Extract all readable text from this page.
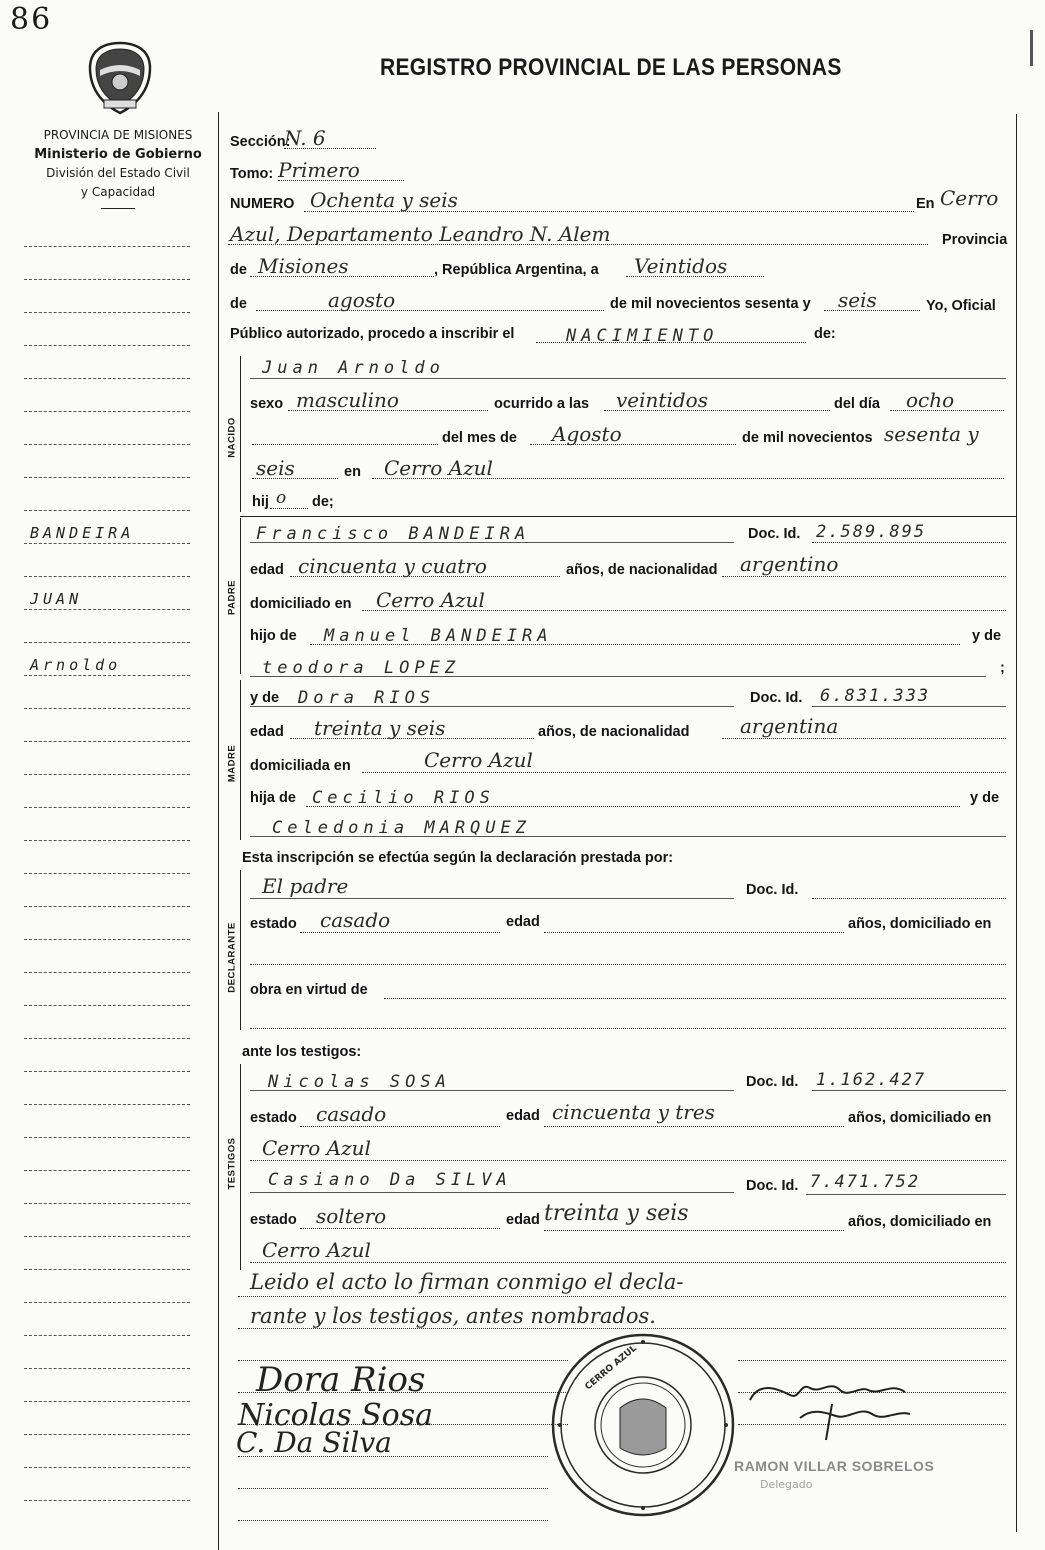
86
REGISTRO PROVINCIAL DE LAS PERSONAS
PROVINCIA DE MISIONES
Ministerio de Gobierno
División del Estado Civil
y Capacidad
BANDEIRA
JUAN
Arnoldo
Sección:
N. 6
Tomo: Primero
NUMERO Ochenta y seis	En Cerro
Azul, Departamento Leandro N. Alem	Provincia
de Misiones	, República Argentina, a Veintidos
de	agosto	de mil novecientos sesenta y seis	Yo, Oficial
Público autorizado, procedo a inscribir el	NACIMIENTO	de:
NACIDO
Juan Arnoldo
sexo masculino	ocurrido a las veintidos	del día ocho
del mes de Agosto	de mil novecientos sesenta y
seis	en Cerro Azul
hij o de;
PADRE
Francisco BANDEIRA	Doc. Id. 2.589.895
edad cincuenta y cuatro	años, de nacionalidad argentino
domiciliado en Cerro Azul
hijo de Manuel BANDEIRA	y de
teodora LOPEZ	;
MADRE
y de Dora RIOS	Doc. Id. 6.831.333
edad treinta y seis	años, de nacionalidad	argentina
domiciliada en	Cerro Azul
hija de Cecilio RIOS	y de
Celedonia MARQUEZ
Esta inscripción se efectúa según la declaración prestada por:
DECLARANTE
El padre	Doc. Id.
estado casado	edad	años, domiciliado en
obra en virtud de
ante los testigos:
TESTIGOS
Nicolas SOSA	Doc. Id. 1.162.427
estado casado	edad cincuenta y tres	años, domiciliado en
Cerro Azul
Casiano Da SILVA	Doc. Id. 7.471.752
estado soltero	edad treinta y seis	años, domiciliado en
Cerro Azul
Leido el acto lo firman conmigo el decla-
rante y los testigos, antes nombrados.
Dora Rios
Nicolas Sosa
C. Da Silva
CERRO AZUL
RAMON VILLAR SOBRELOS
Delegado
